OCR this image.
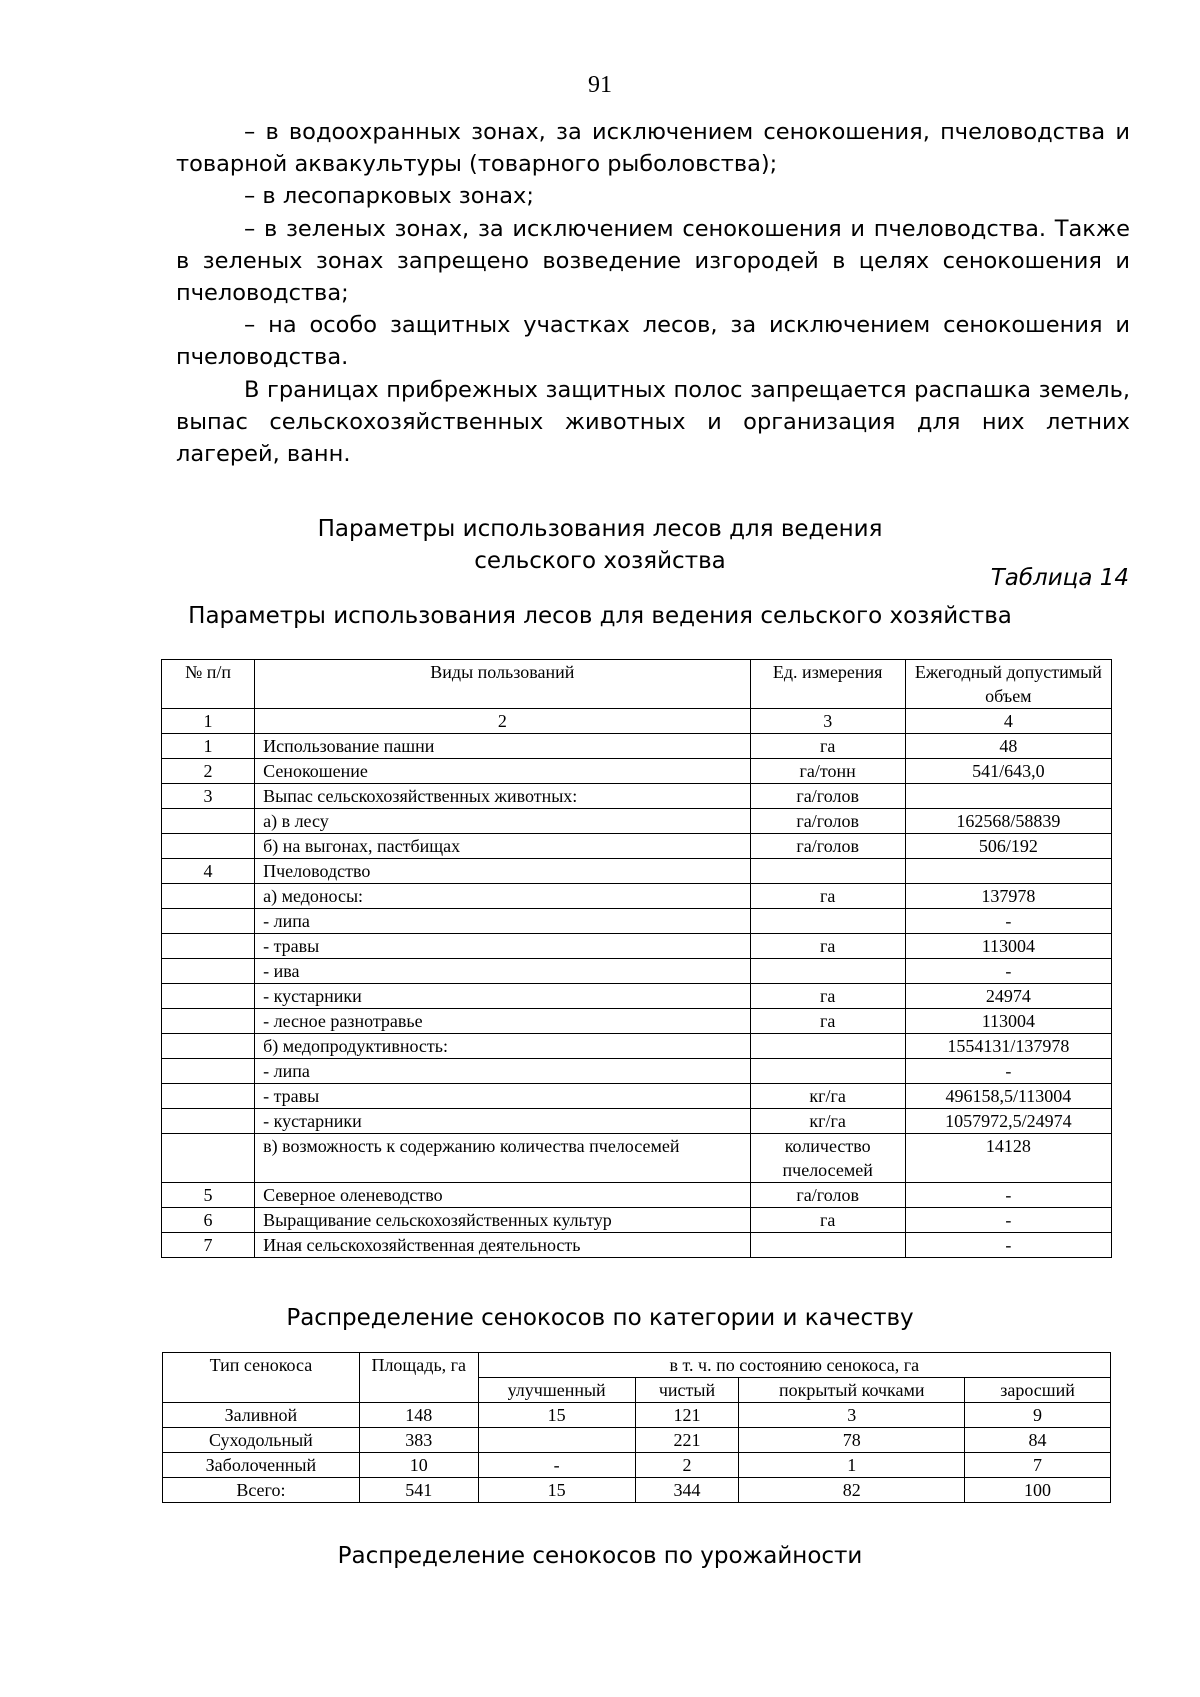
91

– в водоохранных зонах, за исключением сенокошения, пчеловодства и товарной аквакультуры (товарного рыболовства);

– в лесопарковых зонах;

– в зеленых зонах, за исключением сенокошения и пчеловодства. Также в зеленых зонах запрещено возведение изгородей в целях сенокошения и пчеловодства;

– на особо защитных участках лесов, за исключением сенокошения и пчеловодства.

В границах прибрежных защитных полос запрещается распашка земель, выпас сельскохозяйственных животных и организация для них летних лагерей, ванн.

Параметры использования лесов для ведения
сельского хозяйства
Таблица 14
Параметры использования лесов для ведения сельского хозяйства
№ п/п	Виды пользований	Ед. измерения	Ежегодный допустимый объем
1	2	3	4
1	Использование пашни	га	48
2	Сенокошение	га/тонн	541/643,0
3	Выпас сельскохозяйственных животных:	га/голов	
	а) в лесу	га/голов	162568/58839
	б) на выгонах, пастбищах	га/голов	506/192
4	Пчеловодство		
	а) медоносы:	га	137978
	- липа		-
	- травы	га	113004
	- ива		-
	- кустарники	га	24974
	- лесное разнотравье	га	113004
	б) медопродуктивность:		1554131/137978
	- липа		-
	- травы	кг/га	496158,5/113004
	- кустарники	кг/га	1057972,5/24974
	в) возможность к содержанию количества пчелосемей	количество пчелосемей	14128
5	Северное оленеводство	га/голов	-
6	Выращивание сельскохозяйственных культур	га	-
7	Иная сельскохозяйственная деятельность		-
Распределение сенокосов по категории и качеству
Тип сенокоса	Площадь, га	в т. ч. по состоянию сенокоса, га			
		улучшенный	чистый	покрытый кочками	заросший
Заливной	148	15	121	3	9
Суходольный	383		221	78	84
Заболоченный	10	-	2	1	7
Всего:	541	15	344	82	100
Распределение сенокосов по урожайности
